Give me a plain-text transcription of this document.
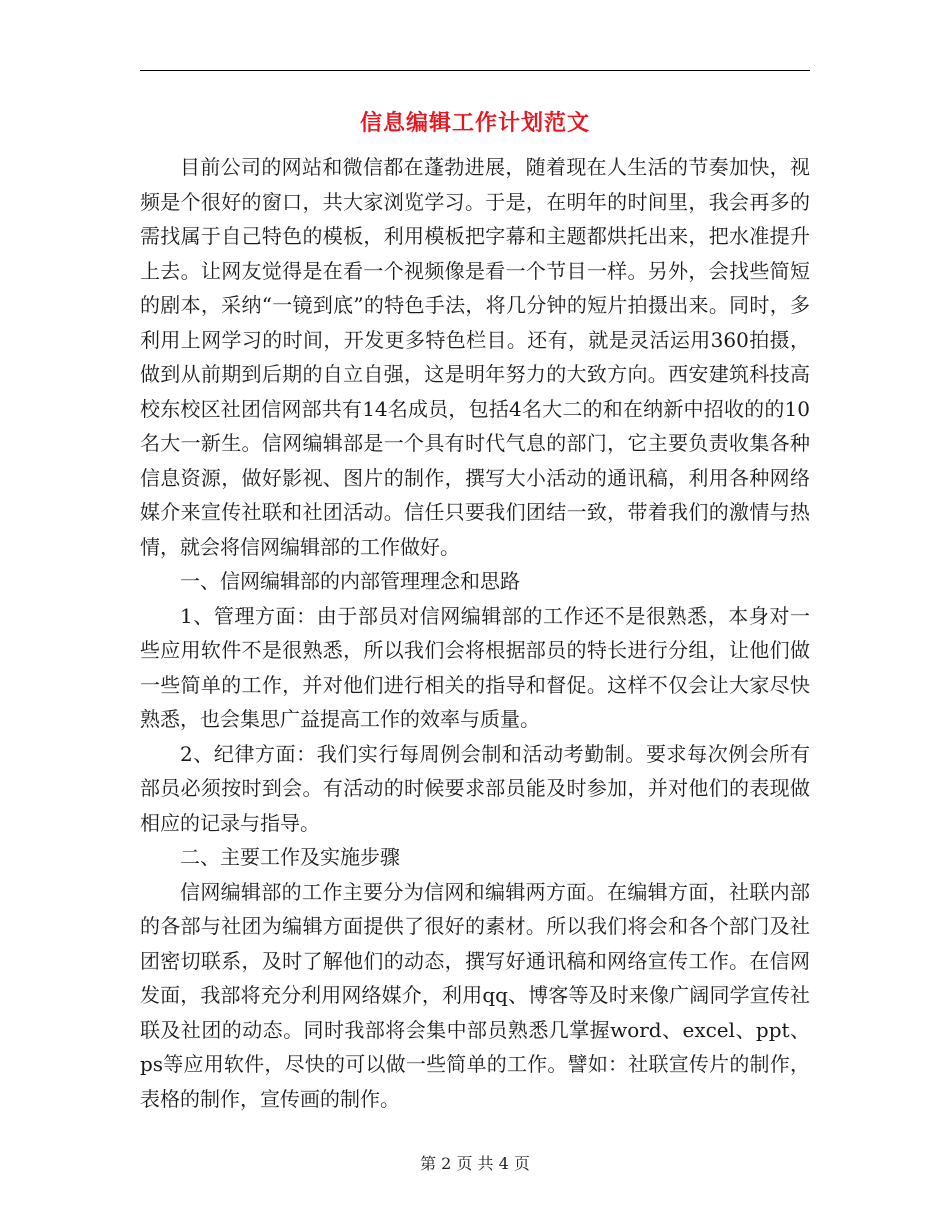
信息编辑工作计划范文

目前公司的网站和微信都在蓬勃进展，随着现在人生活的节奏加快，视频是个很好的窗口，共大家浏览学习。于是，在明年的时间里，我会再多的需找属于自己特色的模板，利用模板把字幕和主题都烘托出来，把水准提升上去。让网友觉得是在看一个视频像是看一个节目一样。另外，会找些简短的剧本，采纳“一镜到底”的特色手法，将几分钟的短片拍摄出来。同时，多利用上网学习的时间，开发更多特色栏目。还有，就是灵活运用360拍摄，做到从前期到后期的自立自强，这是明年努力的大致方向。西安建筑科技高校东校区社团信网部共有14名成员，包括4名大二的和在纳新中招收的的10名大一新生。信网编辑部是一个具有时代气息的部门，它主要负责收集各种信息资源，做好影视、图片的制作，撰写大小活动的通讯稿，利用各种网络媒介来宣传社联和社团活动。信任只要我们团结一致，带着我们的激情与热情，就会将信网编辑部的工作做好。

一、信网编辑部的内部管理理念和思路

1、管理方面：由于部员对信网编辑部的工作还不是很熟悉，本身对一些应用软件不是很熟悉，所以我们会将根据部员的特长进行分组，让他们做一些简单的工作，并对他们进行相关的指导和督促。这样不仅会让大家尽快熟悉，也会集思广益提高工作的效率与质量。

2、纪律方面：我们实行每周例会制和活动考勤制。要求每次例会所有部员必须按时到会。有活动的时候要求部员能及时参加，并对他们的表现做相应的记录与指导。

二、主要工作及实施步骤

信网编辑部的工作主要分为信网和编辑两方面。在编辑方面，社联内部的各部与社团为编辑方面提供了很好的素材。所以我们将会和各个部门及社团密切联系，及时了解他们的动态，撰写好通讯稿和网络宣传工作。在信网发面，我部将充分利用网络媒介，利用qq、博客等及时来像广阔同学宣传社联及社团的动态。同时我部将会集中部员熟悉几掌握word、excel、ppt、ps等应用软件，尽快的可以做一些简单的工作。譬如：社联宣传片的制作，表格的制作，宣传画的制作。

第 2 页 共 4 页
